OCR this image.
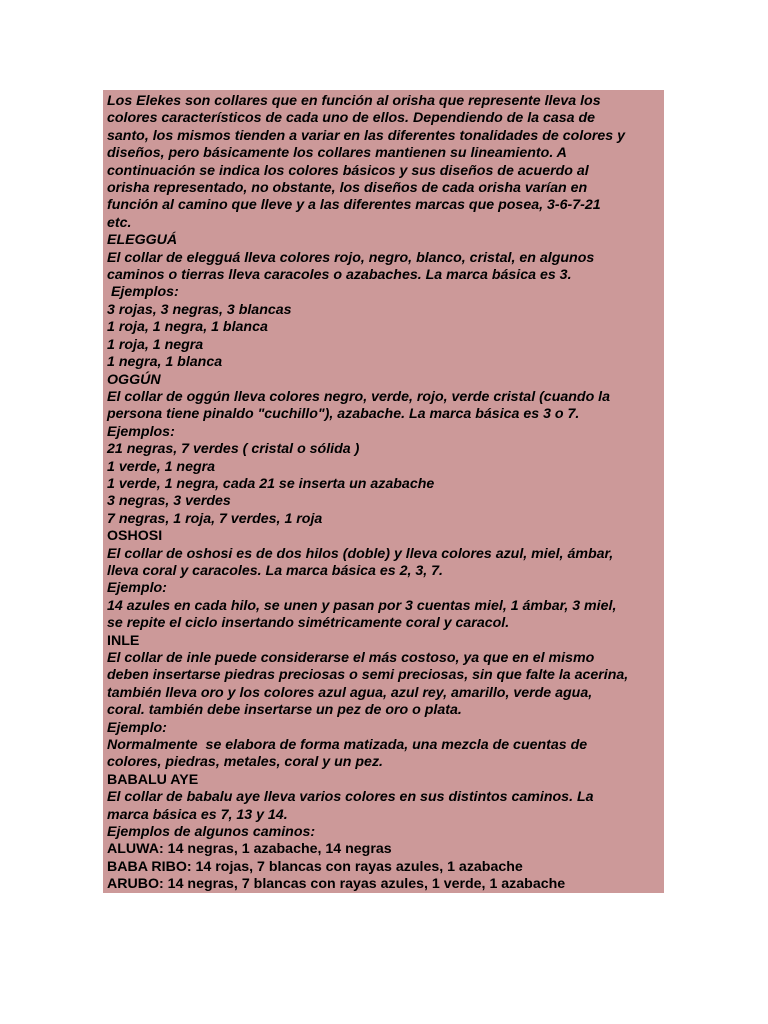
Los Elekes son collares que en función al orisha que represente lleva los
colores característicos de cada uno de ellos. Dependiendo de la casa de
santo, los mismos tienden a variar en las diferentes tonalidades de colores y
diseños, pero básicamente los collares mantienen su lineamiento. A
continuación se indica los colores básicos y sus diseños de acuerdo al
orisha representado, no obstante, los diseños de cada orisha varían en
función al camino que lleve y a las diferentes marcas que posea, 3-6-7-21
etc.
ELEGGUÁ
El collar de elegguá lleva colores rojo, negro, blanco, cristal, en algunos
caminos o tierras lleva caracoles o azabaches. La marca básica es 3.
Ejemplos:
3 rojas, 3 negras, 3 blancas
1 roja, 1 negra, 1 blanca
1 roja, 1 negra
1 negra, 1 blanca
OGGÚN
El collar de oggún lleva colores negro, verde, rojo, verde cristal (cuando la
persona tiene pinaldo "cuchillo"), azabache. La marca básica es 3 o 7.
Ejemplos:
21 negras, 7 verdes ( cristal o sólida )
1 verde, 1 negra
1 verde, 1 negra, cada 21 se inserta un azabache
3 negras, 3 verdes
7 negras, 1 roja, 7 verdes, 1 roja
OSHOSI
El collar de oshosi es de dos hilos (doble) y lleva colores azul, miel, ámbar,
lleva coral y caracoles. La marca básica es 2, 3, 7.
Ejemplo:
14 azules en cada hilo, se unen y pasan por 3 cuentas miel, 1 ámbar, 3 miel,
se repite el ciclo insertando simétricamente coral y caracol.
INLE
El collar de inle puede considerarse el más costoso, ya que en el mismo
deben insertarse piedras preciosas o semi preciosas, sin que falte la acerina,
también lleva oro y los colores azul agua, azul rey, amarillo, verde agua,
coral. también debe insertarse un pez de oro o plata.
Ejemplo:
Normalmente  se elabora de forma matizada, una mezcla de cuentas de
colores, piedras, metales, coral y un pez.
BABALU AYE
El collar de babalu aye lleva varios colores en sus distintos caminos. La
marca básica es 7, 13 y 14.
Ejemplos de algunos caminos:
ALUWA: 14 negras, 1 azabache, 14 negras
BABA RIBO: 14 rojas, 7 blancas con rayas azules, 1 azabache
ARUBO: 14 negras, 7 blancas con rayas azules, 1 verde, 1 azabache
